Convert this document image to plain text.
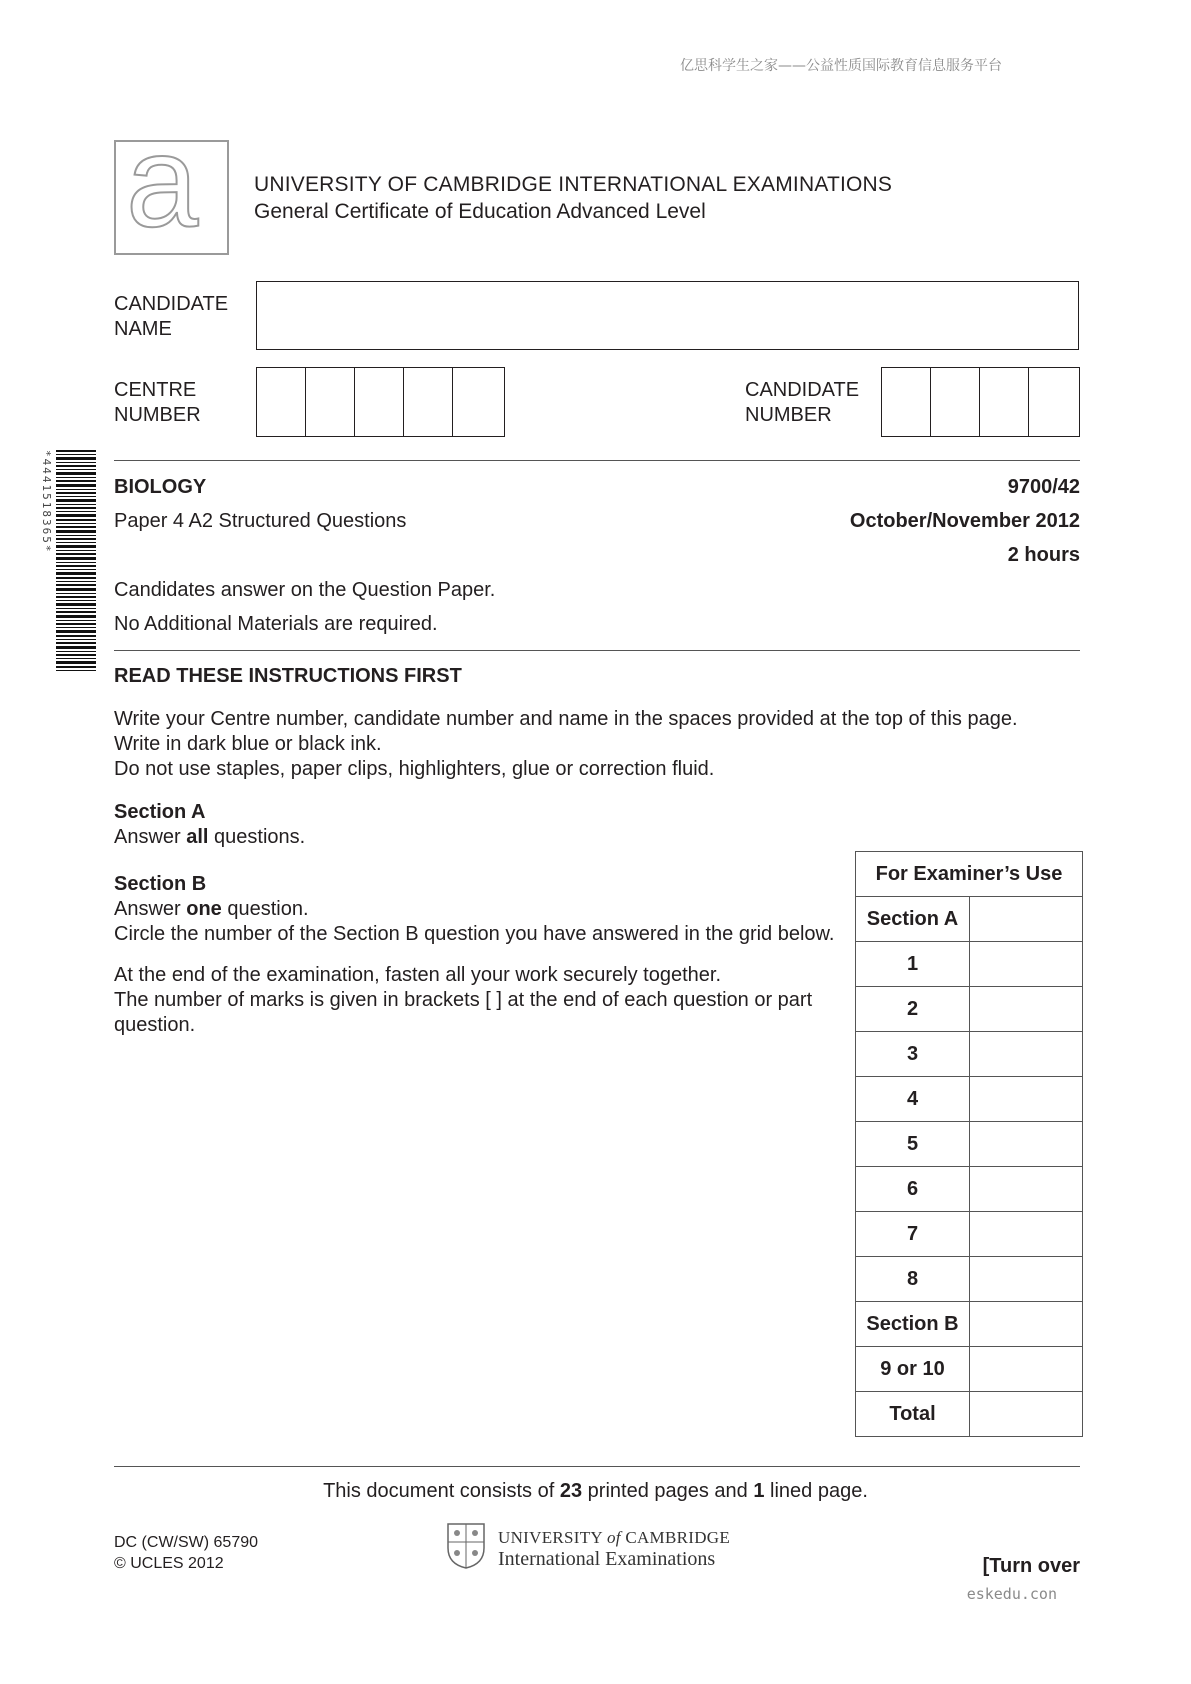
亿思科学生之家——公益性质国际教育信息服务平台
a	UNIVERSITY OF CAMBRIDGE INTERNATIONAL EXAMINATIONS
General Certificate of Education Advanced Level
CANDIDATE
NAME
CENTRE
NUMBER
CANDIDATE
NUMBER
*4441518365*	BIOLOGY	9700/42
Paper 4 A2 Structured Questions	October/November 2012
2 hours
Candidates answer on the Question Paper.
No Additional Materials are required.
READ THESE INSTRUCTIONS FIRST

Write your Centre number, candidate number and name in the spaces provided at the top of this page.

Write in dark blue or black ink.

Do not use staples, paper clips, highlighters, glue or correction fluid.

Section A

Answer all questions.

Section B

Answer one question.

Circle the number of the Section B question you have answered in the grid below.

At the end of the examination, fasten all your work securely together.

The number of marks is given in brackets [ ] at the end of each question or part

question.

For Examiner’s Use	
Section A	
1	
2	
3	
4	
5	
6	
7	
8	
Section B	
9 or 10	
Total	
This document consists of 23 printed pages and 1 lined page.
DC (CW/SW) 65790
© UCLES 2012
UNIVERSITY of CAMBRIDGE
International Examinations	[Turn over
eskedu.con
